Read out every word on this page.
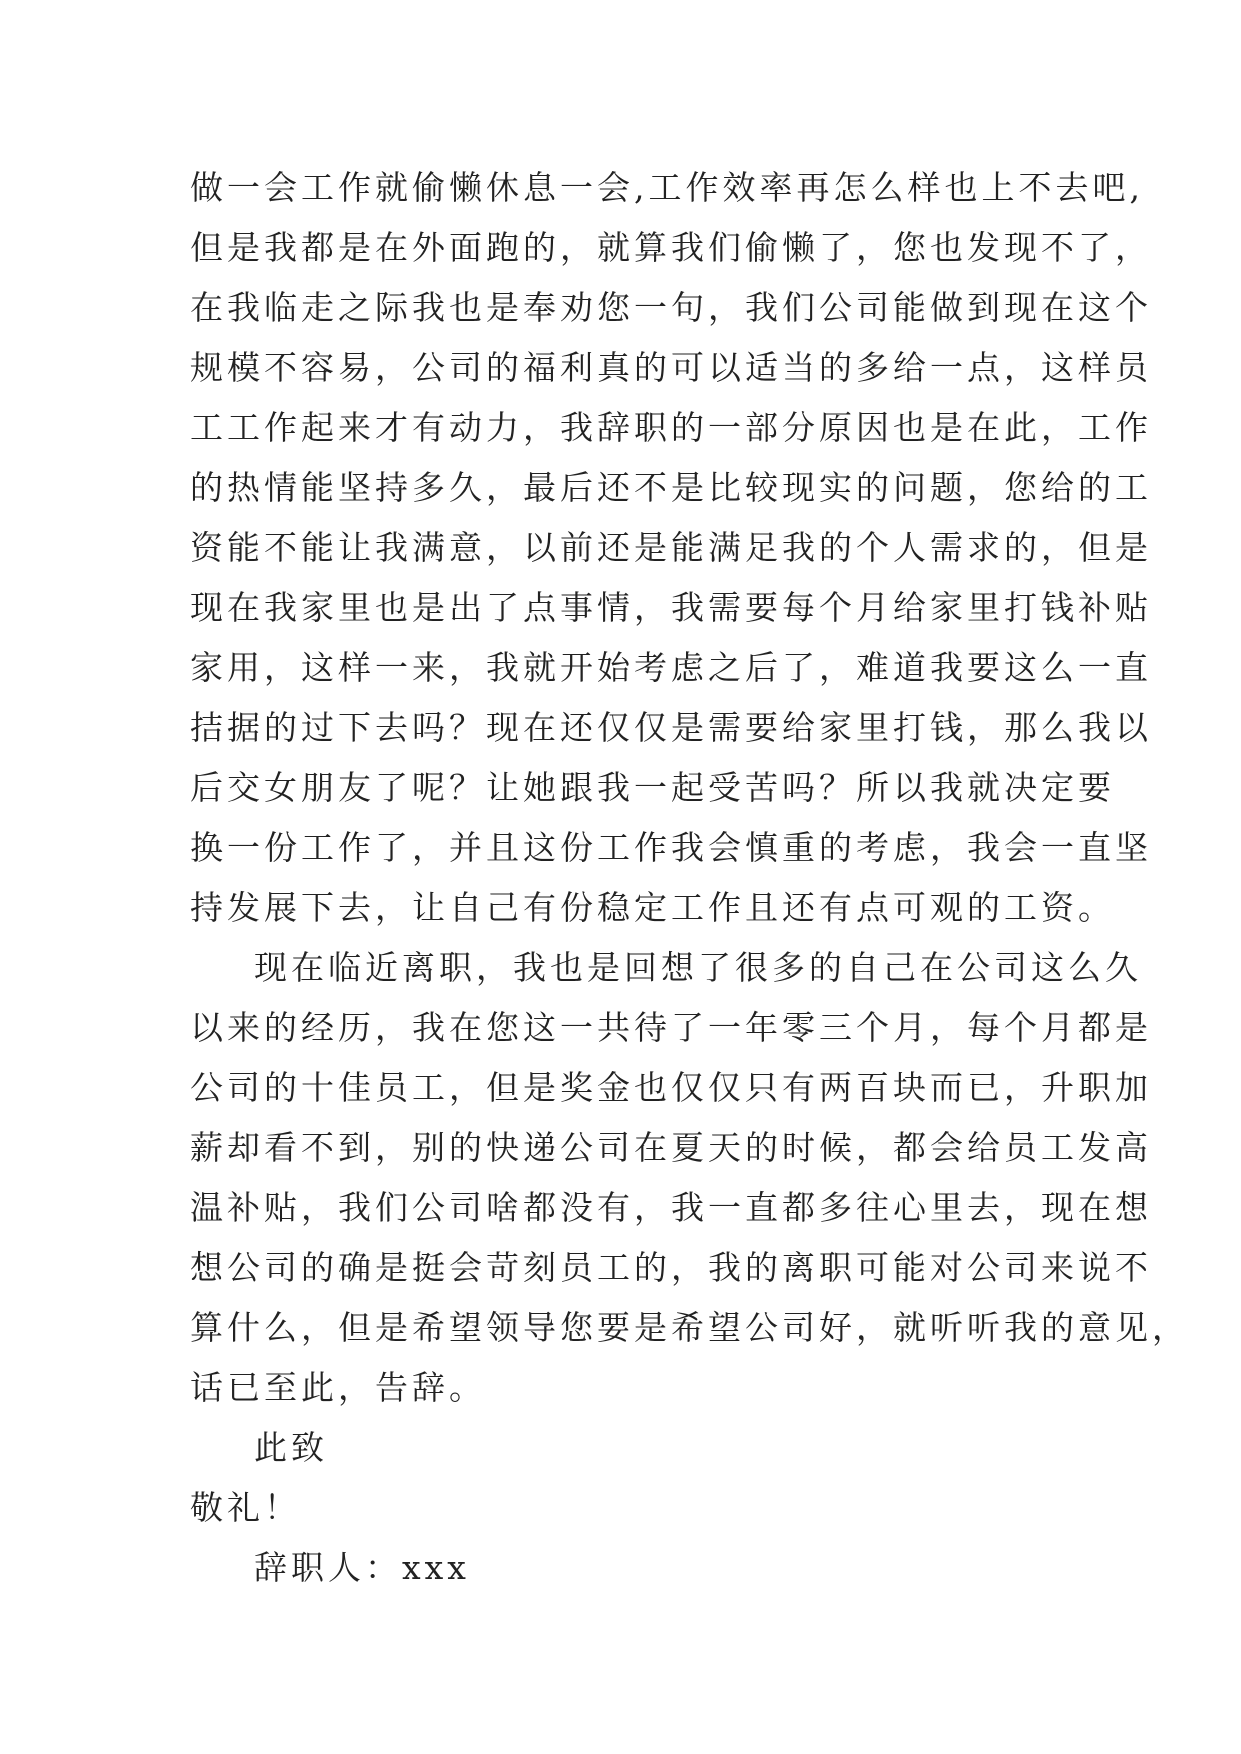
做一会工作就偷懒休息一会,工作效率再怎么样也上不去吧,
但是我都是在外面跑的，就算我们偷懒了，您也发现不了，
在我临走之际我也是奉劝您一句，我们公司能做到现在这个
规模不容易，公司的福利真的可以适当的多给一点，这样员
工工作起来才有动力，我辞职的一部分原因也是在此，工作
的热情能坚持多久，最后还不是比较现实的问题，您给的工
资能不能让我满意，以前还是能满足我的个人需求的，但是
现在我家里也是出了点事情，我需要每个月给家里打钱补贴
家用，这样一来，我就开始考虑之后了，难道我要这么一直
拮据的过下去吗？现在还仅仅是需要给家里打钱，那么我以
后交女朋友了呢？让她跟我一起受苦吗？所以我就决定要
换一份工作了，并且这份工作我会慎重的考虑，我会一直坚
持发展下去，让自己有份稳定工作且还有点可观的工资。
现在临近离职，我也是回想了很多的自己在公司这么久
以来的经历，我在您这一共待了一年零三个月，每个月都是
公司的十佳员工，但是奖金也仅仅只有两百块而已，升职加
薪却看不到，别的快递公司在夏天的时候，都会给员工发高
温补贴，我们公司啥都没有，我一直都多往心里去，现在想
想公司的确是挺会苛刻员工的，我的离职可能对公司来说不
算什么，但是希望领导您要是希望公司好，就听听我的意见，
话已至此，告辞。
此致
敬礼！
辞职人：xxx
